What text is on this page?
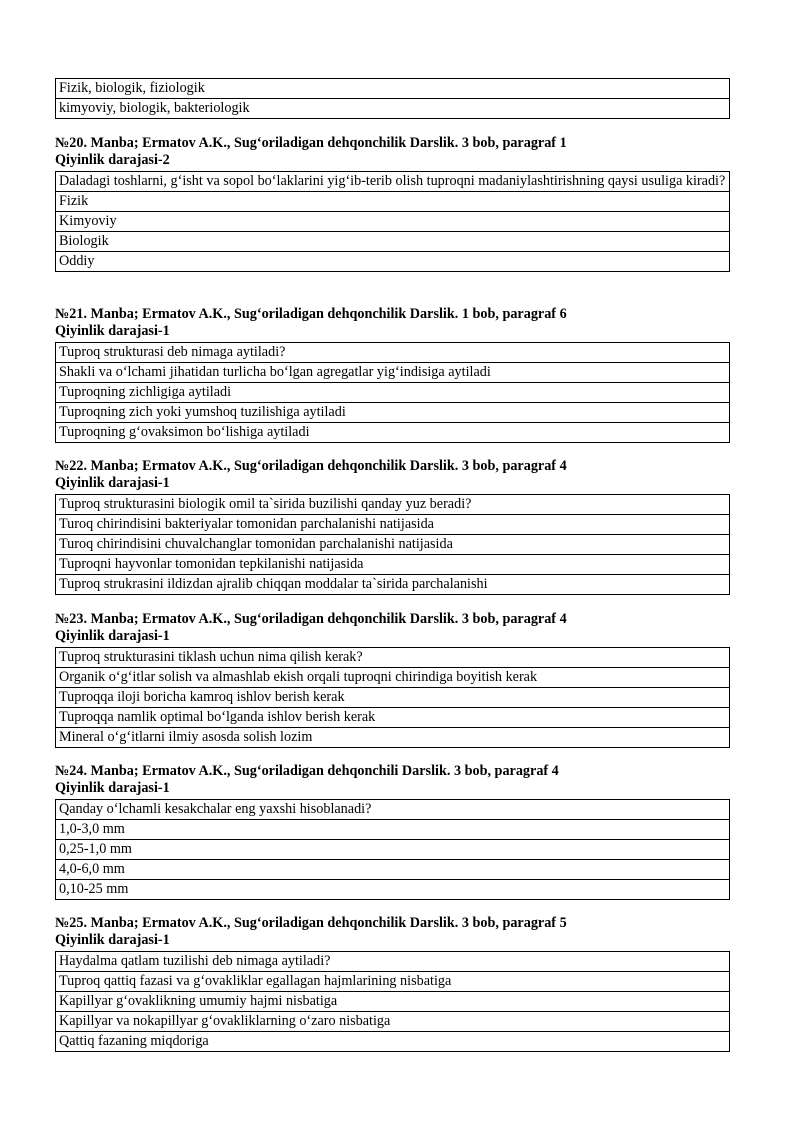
Fizik, biologik, fiziologik
kimyoviy, biologik, bakteriologik
№20. Manba; Ermatov A.K., Sug‘oriladigan dehqonchilik Darslik. 3 bob, paragraf 1
Qiyinlik darajasi-2
Daladagi toshlarni, g‘isht va sopol bo‘laklarini yig‘ib-terib olish tuproqni madaniylashtirishning qaysi usuliga kiradi?
Fizik
Kimyoviy
Biologik
Oddiy
№21. Manba; Ermatov A.K., Sug‘oriladigan dehqonchilik Darslik. 1 bob, paragraf 6
Qiyinlik darajasi-1
Tuproq strukturasi deb nimaga aytiladi?
Shakli va o‘lchami jihatidan turlicha bo‘lgan agregatlar yig‘indisiga aytiladi
Tuproqning zichligiga aytiladi
Tuproqning zich yoki yumshoq tuzilishiga aytiladi
Tuproqning g‘ovaksimon bo‘lishiga aytiladi
№22. Manba; Ermatov A.K., Sug‘oriladigan dehqonchilik Darslik. 3 bob, paragraf 4
Qiyinlik darajasi-1
Tuproq strukturasini biologik omil ta`sirida buzilishi qanday yuz beradi?
Turoq chirindisini bakteriyalar tomonidan parchalanishi natijasida
Turoq chirindisini chuvalchanglar tomonidan parchalanishi natijasida
Tuproqni hayvonlar tomonidan tepkilanishi natijasida
Tuproq strukrasini ildizdan ajralib chiqqan moddalar ta`sirida parchalanishi
№23. Manba; Ermatov A.K., Sug‘oriladigan dehqonchilik Darslik. 3 bob, paragraf 4
Qiyinlik darajasi-1
Tuproq strukturasini tiklash uchun nima qilish kerak?
Organik o‘g‘itlar solish va almashlab ekish orqali tuproqni chirindiga boyitish kerak
Tuproqqa iloji boricha kamroq ishlov berish kerak
Tuproqqa namlik optimal bo‘lganda ishlov berish kerak
Mineral o‘g‘itlarni ilmiy asosda solish lozim
№24. Manba; Ermatov A.K., Sug‘oriladigan dehqonchili Darslik. 3 bob, paragraf 4
Qiyinlik darajasi-1
Qanday o‘lchamli kesakchalar eng yaxshi hisoblanadi?
1,0-3,0 mm
0,25-1,0 mm
4,0-6,0 mm
0,10-25 mm
№25. Manba; Ermatov A.K., Sug‘oriladigan dehqonchilik Darslik. 3 bob, paragraf 5
Qiyinlik darajasi-1
Haydalma qatlam tuzilishi deb nimaga aytiladi?
Tuproq qattiq fazasi va g‘ovakliklar egallagan hajmlarining nisbatiga
Kapillyar g‘ovaklikning umumiy hajmi nisbatiga
Kapillyar va nokapillyar g‘ovakliklarning o‘zaro nisbatiga
Qattiq fazaning miqdoriga
